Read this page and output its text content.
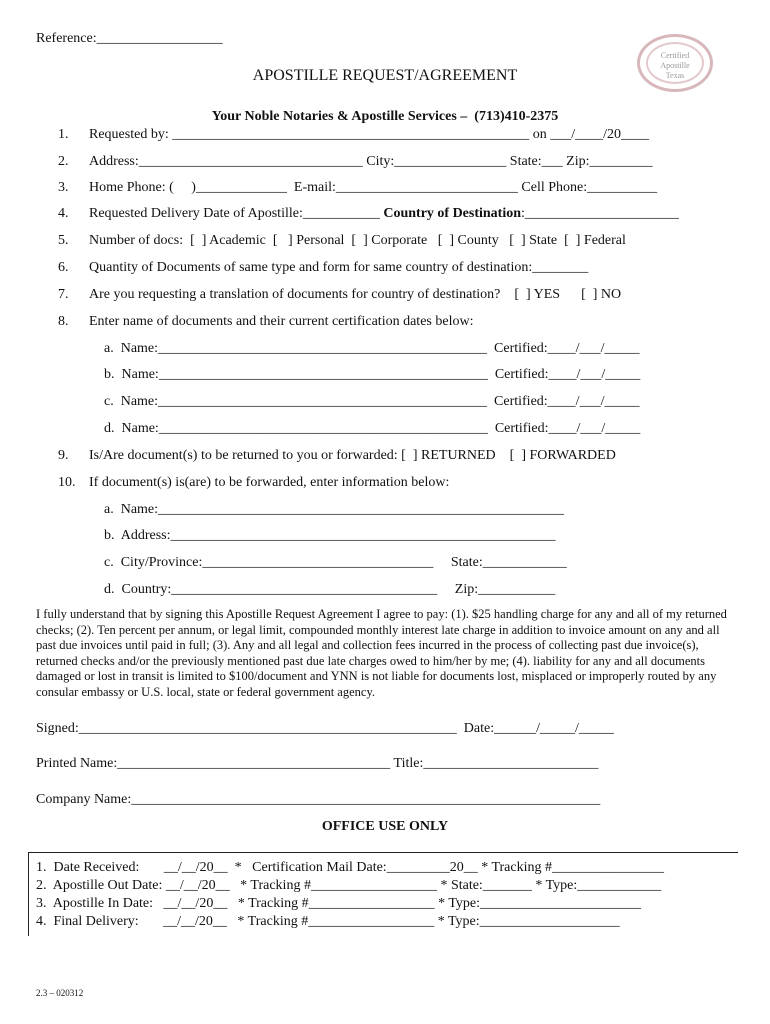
Reference:__________________
Certified
Apostille
Texas
APOSTILLE REQUEST/AGREEMENT
Your Noble Notaries & Apostille Services –  (713)410-2375
1. Requested by: ___________________________________________________ on ___/____/20____
2. Address:________________________________ City:________________ State:___ Zip:_________
3. Home Phone: (     )_____________  E-mail:__________________________ Cell Phone:__________
4. Requested Delivery Date of Apostille:___________ Country of Destination:______________________
5. Number of docs:  [  ] Academic  [   ] Personal  [  ] Corporate   [  ] County   [  ] State  [  ] Federal
6. Quantity of Documents of same type and form for same country of destination:________
7. Are you requesting a translation of documents for country of destination?    [  ] YES      [  ] NO
8. Enter name of documents and their current certification dates below:
a.  Name:_______________________________________________  Certified:____/___/_____
b.  Name:_______________________________________________  Certified:____/___/_____
c.  Name:_______________________________________________  Certified:____/___/_____
d.  Name:_______________________________________________  Certified:____/___/_____
9. Is/Are document(s) to be returned to you or forwarded: [  ] RETURNED    [  ] FORWARDED
10. If document(s) is(are) to be forwarded, enter information below:
a.  Name:__________________________________________________________
b.  Address:_______________________________________________________
c.  City/Province:_________________________________     State:____________
d.  Country:______________________________________     Zip:___________
I fully understand that by signing this Apostille Request Agreement I agree to pay: (1). $25 handling charge for any and all of my returned checks; (2). Ten percent per annum, or legal limit, compounded monthly interest late charge in addition to invoice amount on any and all past due invoices until paid in full; (3). Any and all legal and collection fees incurred in the process of collecting past due invoice(s), returned checks and/or the previously mentioned past due late charges owed to him/her by me; (4). liability for any and all documents damaged or lost in transit is limited to $100/document and YNN is not liable for documents lost, misplaced or improperly routed by any consular embassy or U.S. local, state or federal government agency.
Signed:______________________________________________________  Date:______/_____/_____
Printed Name:_______________________________________ Title:_________________________
Company Name:___________________________________________________________________
OFFICE USE ONLY
1.  Date Received:       __/__/20__  *   Certification Mail Date:_________20__ * Tracking #________________
2.  Apostille Out Date: __/__/20__   * Tracking #__________________ * State:_______ * Type:____________
3.  Apostille In Date:   __/__/20__   * Tracking #__________________ * Type:_______________________
4.  Final Delivery:       __/__/20__   * Tracking #__________________ * Type:____________________
2.3 – 020312
